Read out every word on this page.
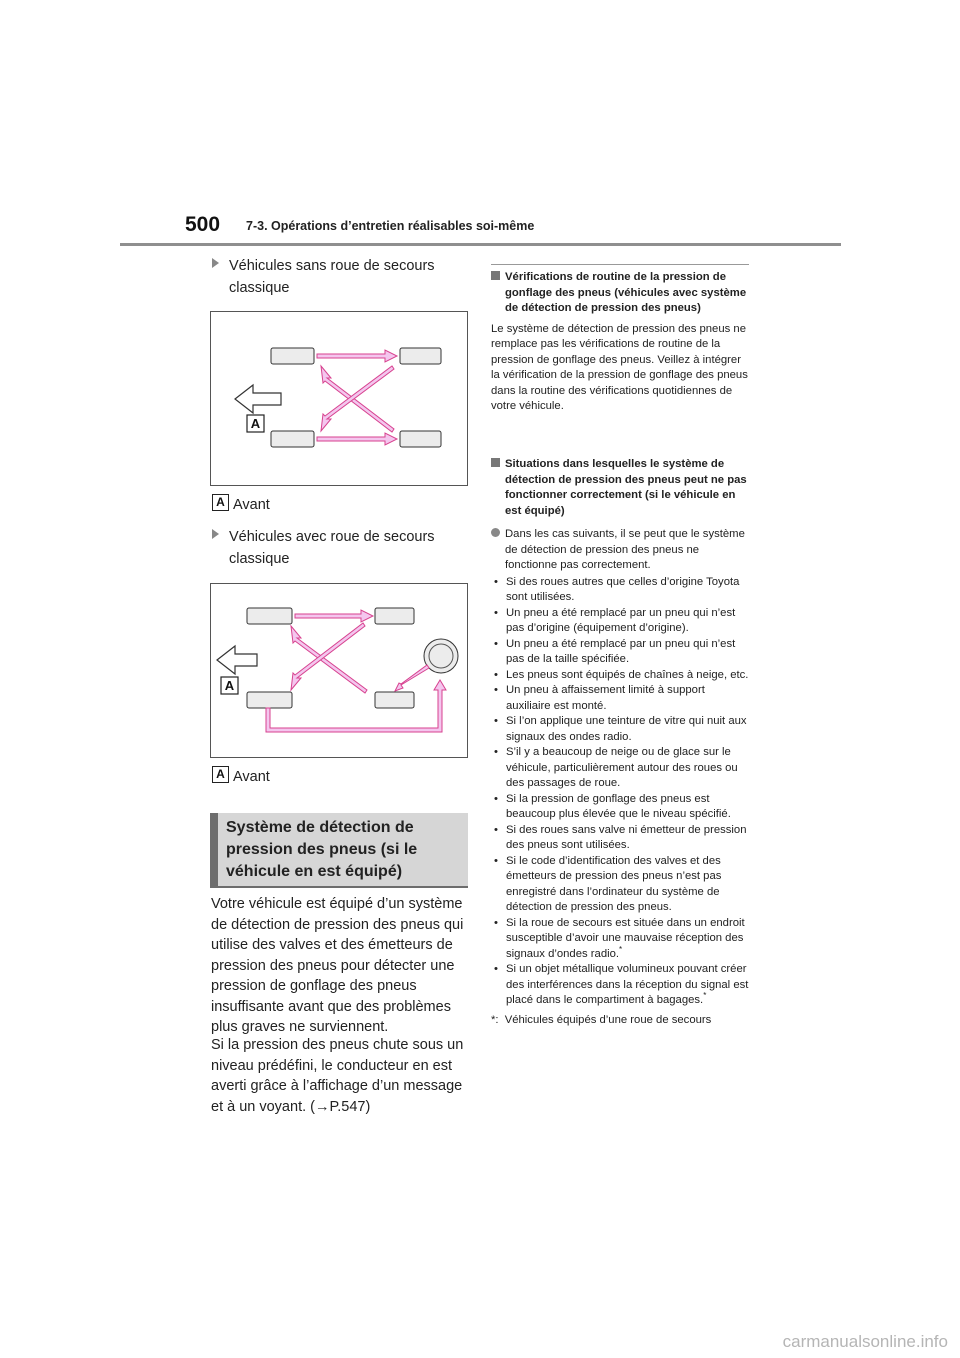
500 7-3. Opérations d’entretien réalisables soi-même
Véhicules sans roue de secours classique
A
A Avant
Véhicules avec roue de secours classique
A
A Avant
Système de détection de pression des pneus (si le véhicule en est équipé)
Votre véhicule est équipé d’un système de détection de pression des pneus qui utilise des valves et des émetteurs de pression des pneus pour détecter une pression de gonflage des pneus insuffisante avant que des problèmes plus graves ne surviennent.
Si la pression des pneus chute sous un niveau prédéfini, le conducteur en est averti grâce à l’affichage d’un message et à un voyant. (→P.547)
Vérifications de routine de la pression de gonflage des pneus (véhicules avec système de détection de pression des pneus)
Le système de détection de pression des pneus ne remplace pas les vérifications de routine de la pression de gonflage des pneus. Veillez à intégrer la vérification de la pression de gonflage des pneus dans la routine des vérifications quotidiennes de votre véhicule.
Situations dans lesquelles le système de détection de pression des pneus peut ne pas fonctionner correctement (si le véhicule en est équipé)
Dans les cas suivants, il se peut que le système de détection de pression des pneus ne fonctionne pas correctement.
• Si des roues autres que celles d’origine Toyota sont utilisées.
• Un pneu a été remplacé par un pneu qui n’est pas d’origine (équipement d’origine).
• Un pneu a été remplacé par un pneu qui n’est pas de la taille spécifiée.
• Les pneus sont équipés de chaînes à neige, etc.
• Un pneu à affaissement limité à support auxiliaire est monté.
• Si l’on applique une teinture de vitre qui nuit aux signaux des ondes radio.
• S’il y a beaucoup de neige ou de glace sur le véhicule, particulièrement autour des roues ou des passages de roue.
• Si la pression de gonflage des pneus est beaucoup plus élevée que le niveau spécifié.
• Si des roues sans valve ni émetteur de pression des pneus sont utilisées.
• Si le code d’identification des valves et des émetteurs de pression des pneus n’est pas enregistré dans l’ordinateur du système de détection de pression des pneus.
• Si la roue de secours est située dans un endroit susceptible d’avoir une mauvaise réception des signaux d’ondes radio.*
• Si un objet métallique volumineux pouvant créer des interférences dans la réception du signal est placé dans le compartiment à bagages.*
*: Véhicules équipés d’une roue de secours
carmanualsonline.info
